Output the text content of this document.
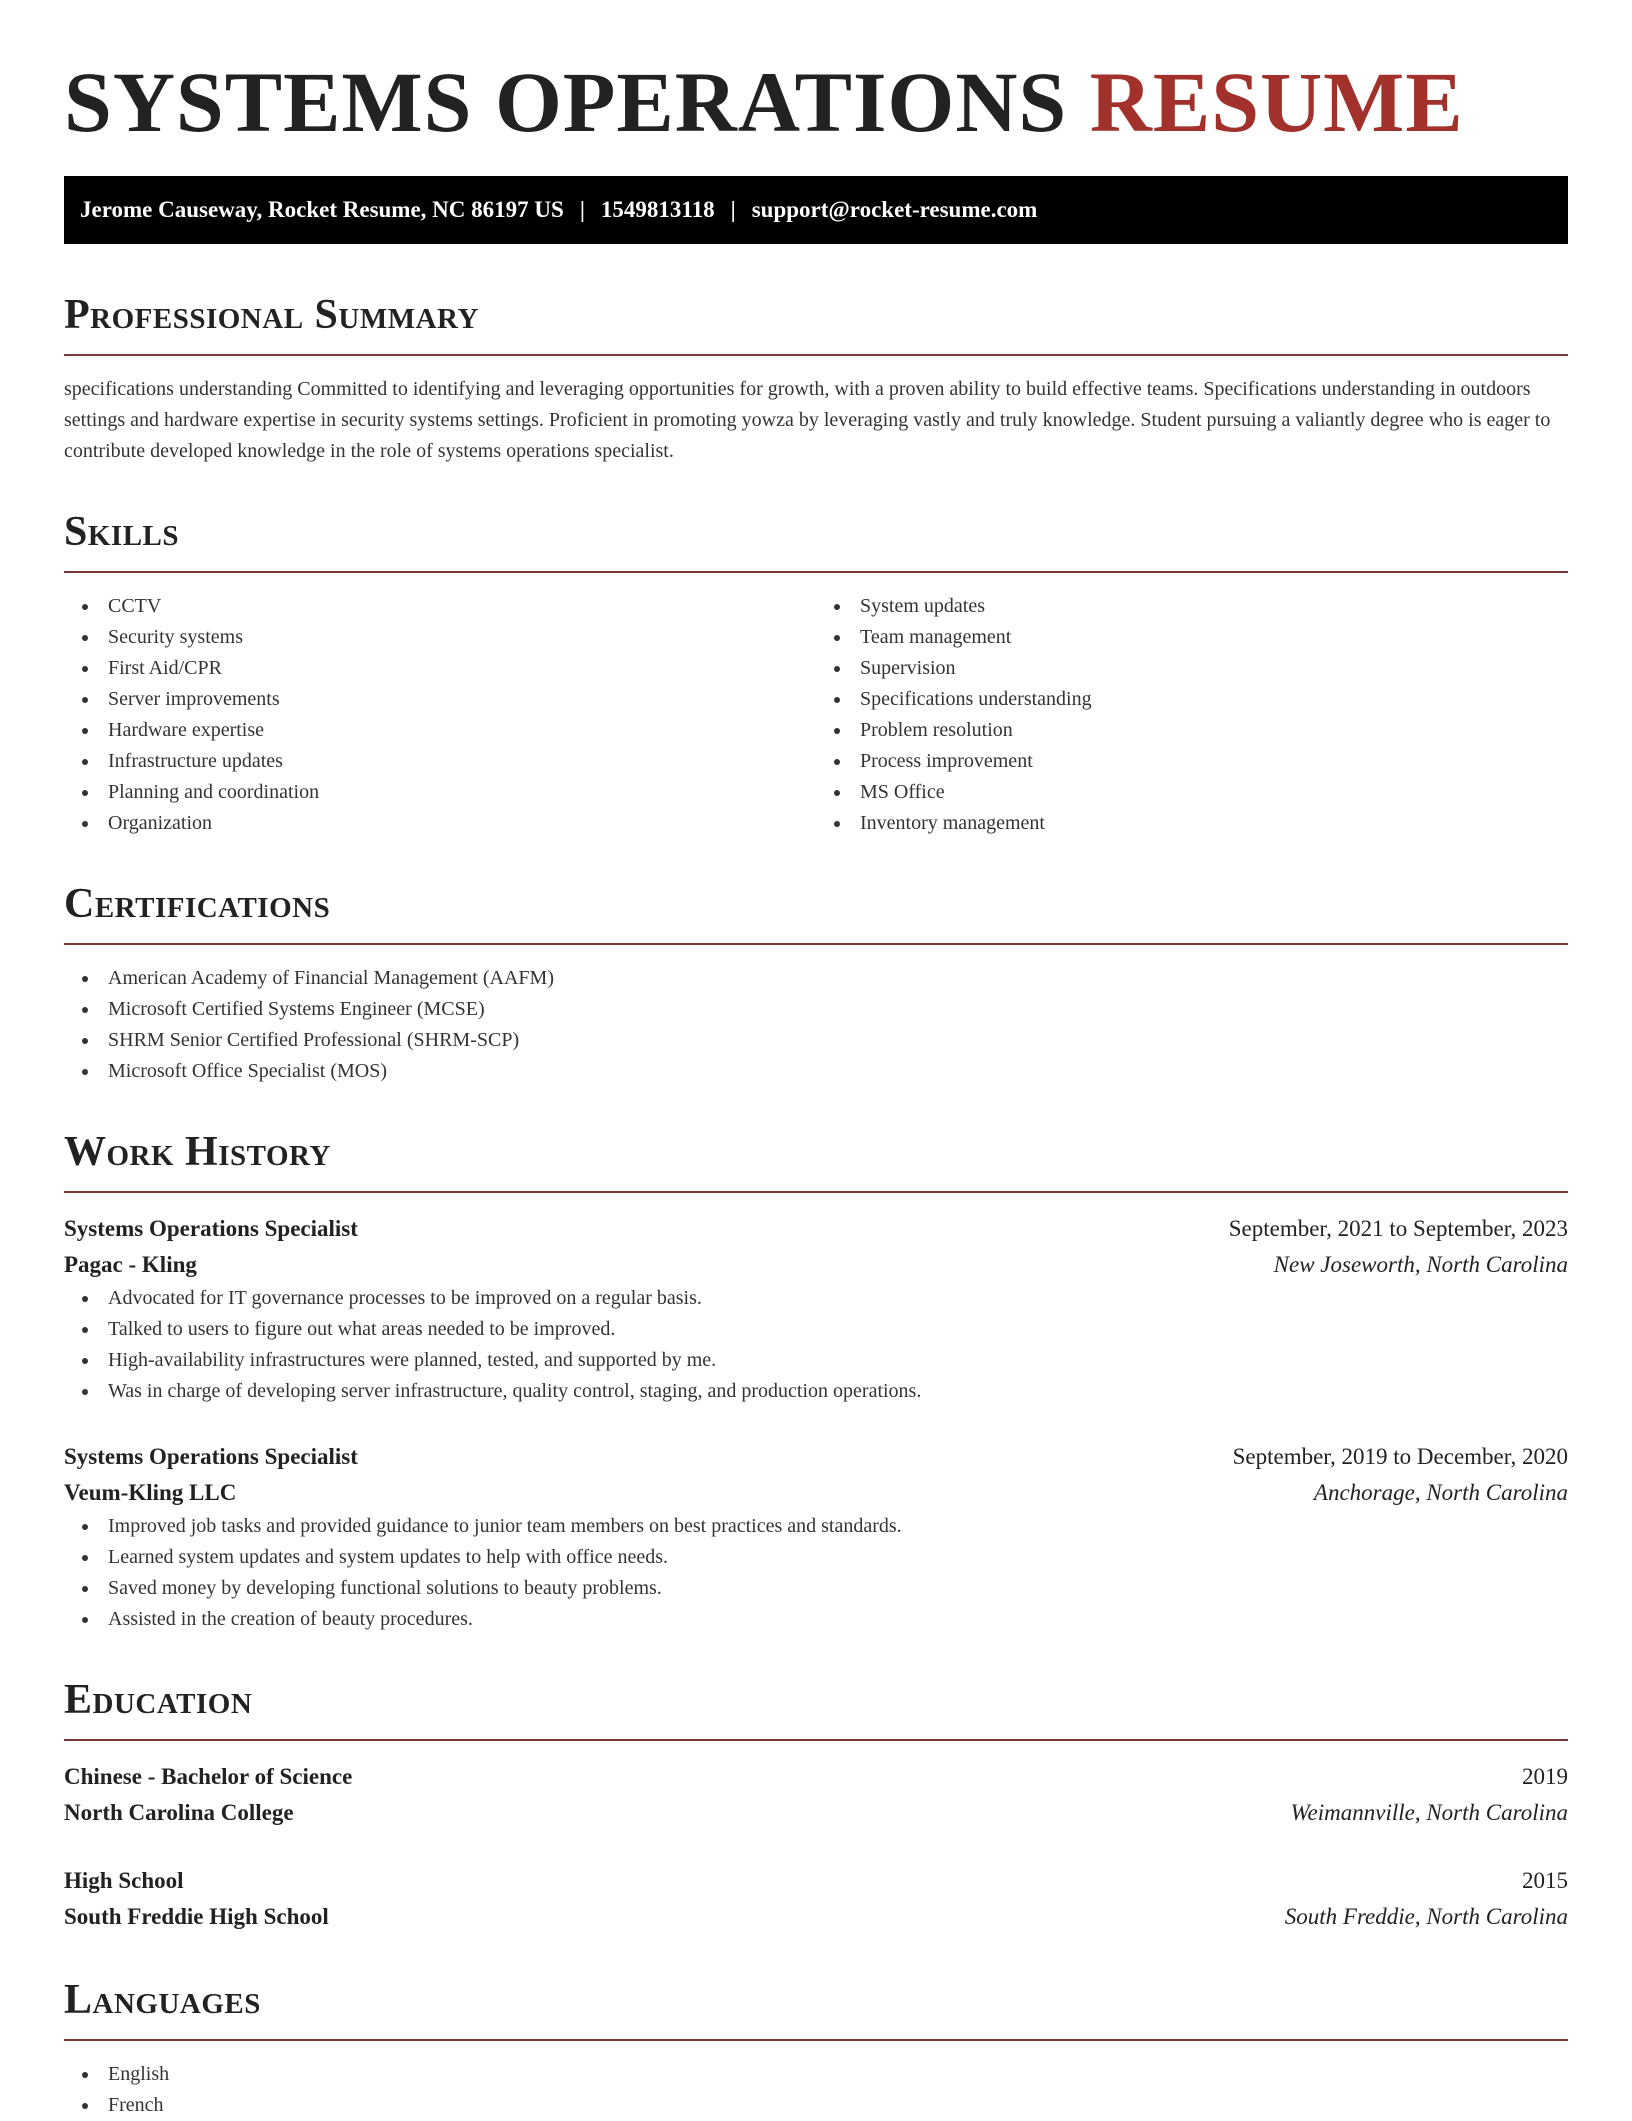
SYSTEMS OPERATIONS RESUME
Jerome Causeway, Rocket Resume, NC 86197 US | 1549813118 | support@rocket-resume.com
Professional Summary

specifications understanding Committed to identifying and leveraging opportunities for growth, with a proven ability to build effective teams. Specifications understanding in outdoors settings and hardware expertise in security systems settings. Proficient in promoting yowza by leveraging vastly and truly knowledge. Student pursuing a valiantly degree who is eager to contribute developed knowledge in the role of systems operations specialist.

Skills
CCTV
Security systems
First Aid/CPR
Server improvements
Hardware expertise
Infrastructure updates
Planning and coordination
Organization
System updates
Team management
Supervision
Specifications understanding
Problem resolution
Process improvement
MS Office
Inventory management
Certifications
American Academy of Financial Management (AAFM)
Microsoft Certified Systems Engineer (MCSE)
SHRM Senior Certified Professional (SHRM-SCP)
Microsoft Office Specialist (MOS)
Work History
Systems Operations Specialist	September, 2021 to September, 2023
Pagac - Kling	New Joseworth, North Carolina
Advocated for IT governance processes to be improved on a regular basis.
Talked to users to figure out what areas needed to be improved.
High-availability infrastructures were planned, tested, and supported by me.
Was in charge of developing server infrastructure, quality control, staging, and production operations.
Systems Operations Specialist	September, 2019 to December, 2020
Veum-Kling LLC	Anchorage, North Carolina
Improved job tasks and provided guidance to junior team members on best practices and standards.
Learned system updates and system updates to help with office needs.
Saved money by developing functional solutions to beauty problems.
Assisted in the creation of beauty procedures.
Education
Chinese - Bachelor of Science	2019
North Carolina College	Weimannville, North Carolina
High School	2015
South Freddie High School	South Freddie, North Carolina
Languages
English
French
